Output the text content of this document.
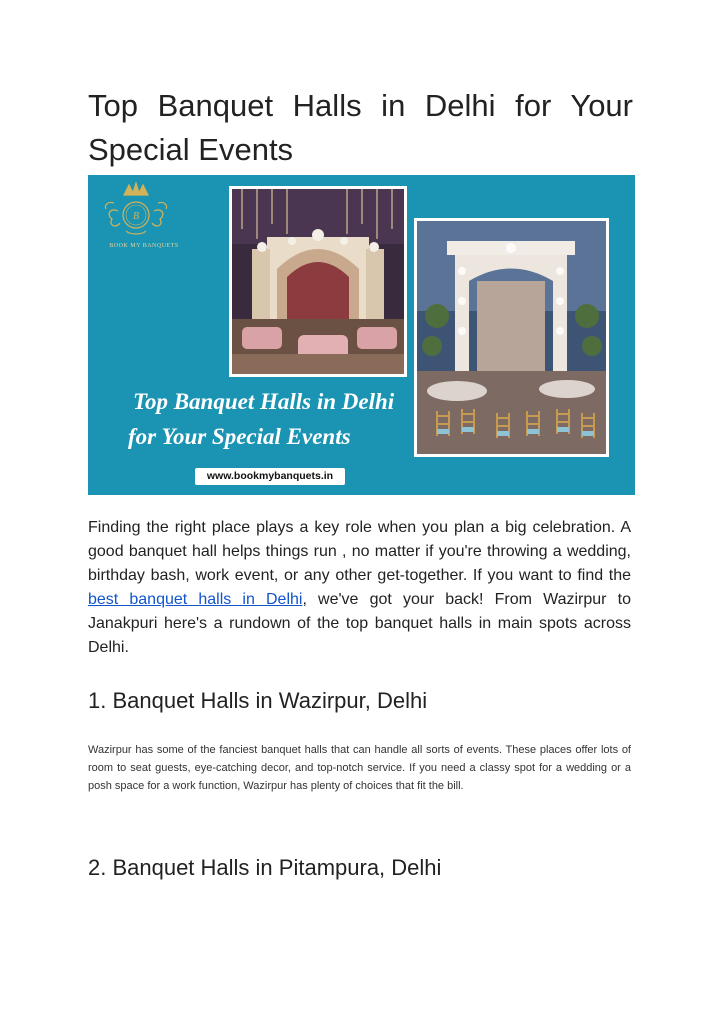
Top Banquet Halls in Delhi for Your Special Events
B
BOOK MY BANQUETS
Top Banquet Halls in Delhi
for Your Special Events
www.bookmybanquets.in

Finding the right place plays a key role when you plan a big celebration. A good banquet hall helps things run , no matter if you're throwing a wedding, birthday bash, work event, or any other get-together. If you want to find the best banquet halls in Delhi, we've got your back! From Wazirpur to Janakpuri here's a rundown of the top banquet halls in main spots across Delhi.

1. Banquet Halls in Wazirpur, Delhi

Wazirpur has some of the fanciest banquet halls that can handle all sorts of events. These places offer lots of room to seat guests, eye-catching decor, and top-notch service. If you need a classy spot for a wedding or a posh space for a work function, Wazirpur has plenty of choices that fit the bill.

2. Banquet Halls in Pitampura, Delhi
